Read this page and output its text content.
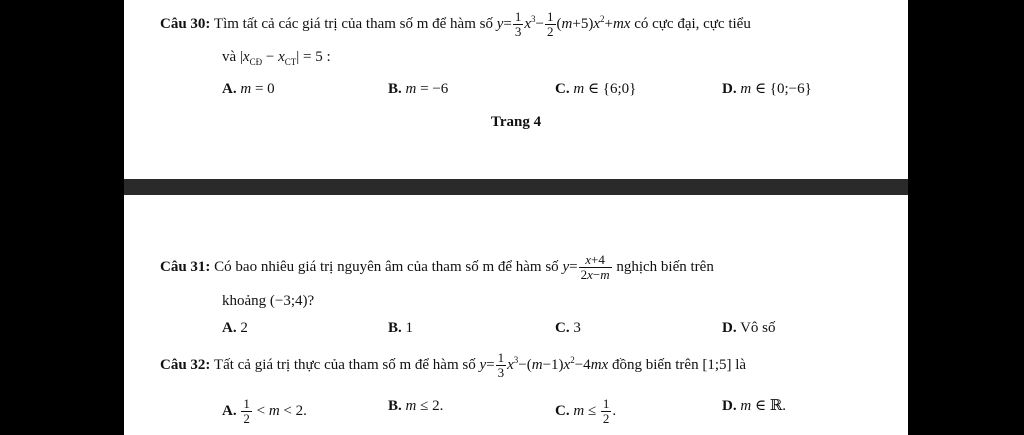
Câu 30: Tìm tất cả các giá trị của tham số m để hàm số $y= \frac{1}{3} x^3- \frac{1}{2} (m+5)x^2+mx$ có cực đại, cực tiểu
và $|x_{CĐ} - x_{CT}| = 5$ :
A. m = 0	B. m = −6	C. m ∈ {6;0}	D. m ∈ {0;−6}
Trang 4
Câu 31: Có bao nhiêu giá trị nguyên âm của tham số m để hàm số $y= \frac{x+4}{2x-m}$ nghịch biến trên
khoảng (−3;4)?
A. 2	B. 1	C. 3	D. Vô số
Câu 32: Tất cả giá trị thực của tham số m để hàm số $y= \frac{1}{3} x^3-(m-1)x^2-4mx$ đồng biến trên [1;5] là
A. $\frac{1}{2} < m < 2$.	B. m ≤ 2.	C. $m \le \frac{1}{2}$ .	D. m ∈ ℝ.
